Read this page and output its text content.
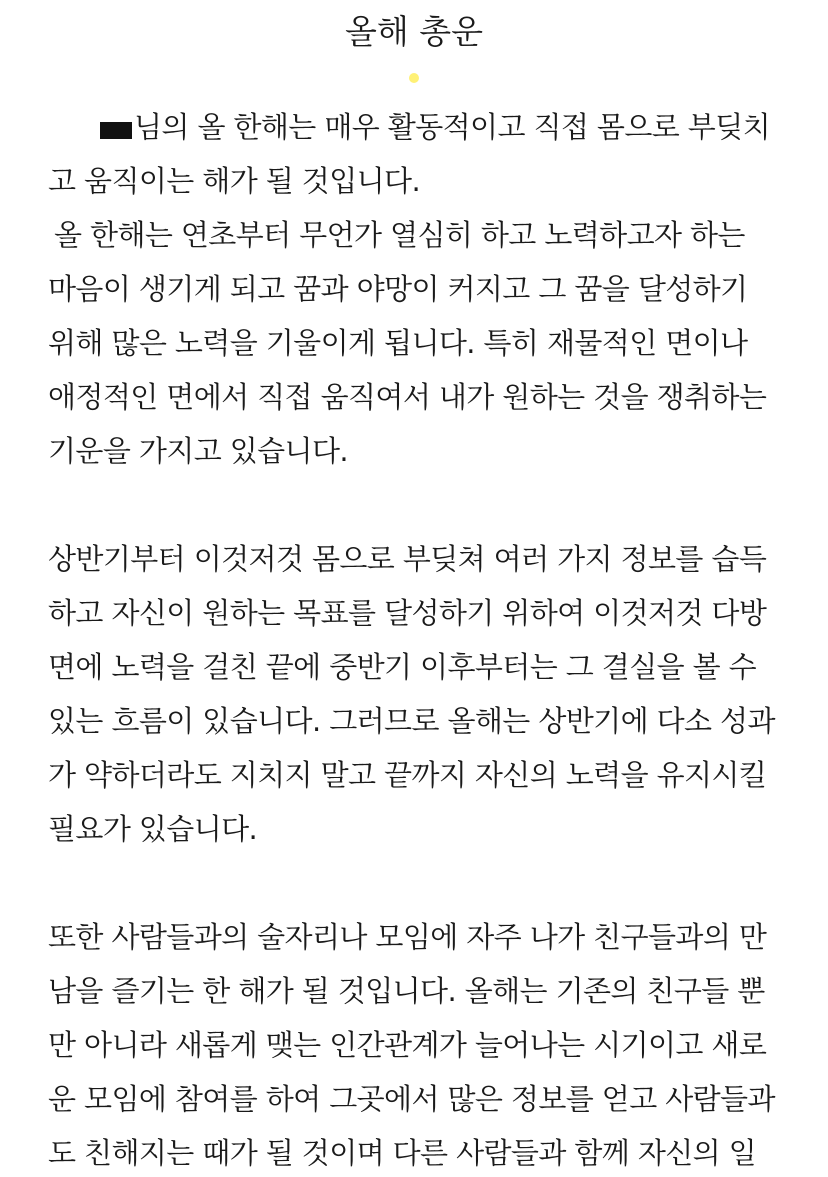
올해 총운
님의 올 한해는 매우 활동적이고 직접 몸으로 부딪치
고 움직이는 해가 될 것입니다.
올 한해는 연초부터 무언가 열심히 하고 노력하고자 하는
마음이 생기게 되고 꿈과 야망이 커지고 그 꿈을 달성하기
위해 많은 노력을 기울이게 됩니다. 특히 재물적인 면이나
애정적인 면에서 직접 움직여서 내가 원하는 것을 쟁취하는
기운을 가지고 있습니다.
상반기부터 이것저것 몸으로 부딪쳐 여러 가지 정보를 습득
하고 자신이 원하는 목표를 달성하기 위하여 이것저것 다방
면에 노력을 걸친 끝에 중반기 이후부터는 그 결실을 볼 수
있는 흐름이 있습니다. 그러므로 올해는 상반기에 다소 성과
가 약하더라도 지치지 말고 끝까지 자신의 노력을 유지시킬
필요가 있습니다.
또한 사람들과의 술자리나 모임에 자주 나가 친구들과의 만
남을 즐기는 한 해가 될 것입니다. 올해는 기존의 친구들 뿐
만 아니라 새롭게 맺는 인간관계가 늘어나는 시기이고 새로
운 모임에 참여를 하여 그곳에서 많은 정보를 얻고 사람들과
도 친해지는 때가 될 것이며 다른 사람들과 함께 자신의 일
